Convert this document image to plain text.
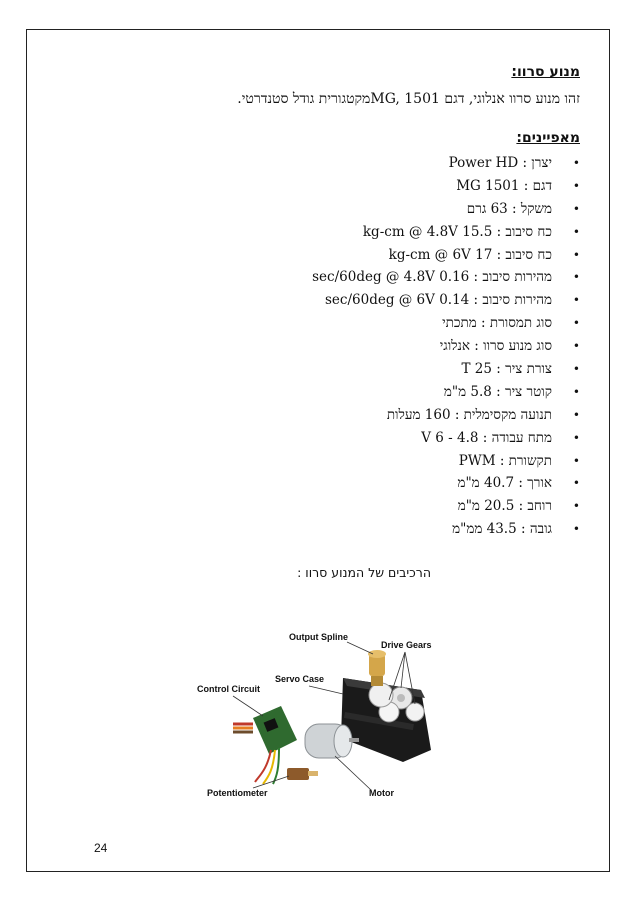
מנוע סרוו:
זהו מנוע סרוו אנלוגי, דגם MG, 1501מקטגורית גודל סטנדרטי.
מאפיינים:
•
יצרן : Power HD
•
דגם : MG 1501
•
משקל : 63 גרם
•
כח סיבוב : 15.5 kg-cm @ 4.8V
•
כח סיבוב : 17 kg-cm @ 6V
•
מהירות סיבוב : 0.16 sec/60deg @ 4.8V
•
מהירות סיבוב : 0.14 sec/60deg @ 6V
•
סוג תמסורת : מתכתי
•
סוג מנוע סרוו : אנלוגי
•
צורת ציר : 25 T
•
קוטר ציר : 5.8 מ"מ
•
תנועה מקסימלית : 160 מעלות
•
מתח עבודה : 4.8 - 6 V
•
תקשורת : PWM
•
אורך : 40.7 מ"מ
•
רוחב : 20.5 מ"מ
•
גובה : 43.5 ממ"מ
הרכיבים של המנוע סרוו :
Output Spline
Drive Gears
Servo Case
Control Circuit
Potentiometer	Motor
24
